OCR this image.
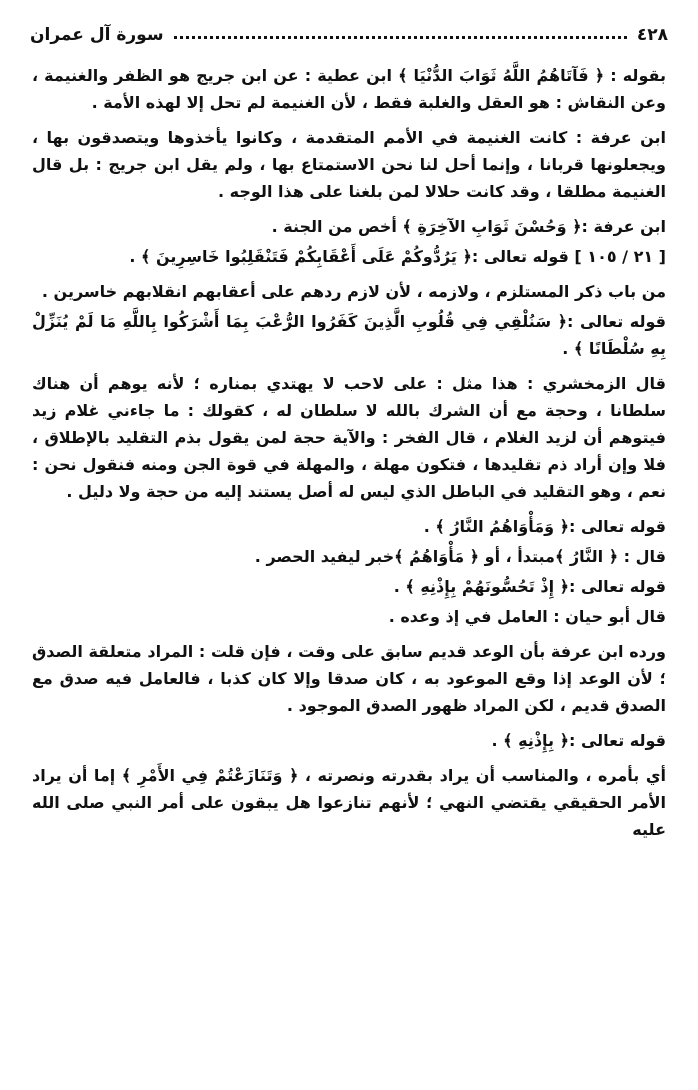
٤٢٨
سورة آل عمران

بقوله : ﴿ فَآتَاهُمُ اللَّهُ ثَوَابَ الدُّنْيَا ﴾ ابن عطية : عن ابن جريج هو الظفر والغنيمة ، وعن النقاش : هو العقل والغلبة فقط ، لأن الغنيمة لم تحل إلا لهذه الأمة .

ابن عرفة : كانت الغنيمة في الأمم المتقدمة ، وكانوا يأخذوها ويتصدقون بها ، ويجعلونها قربانا ، وإنما أحل لنا نحن الاستمتاع بها ، ولم يقل ابن جريج : بل قال الغنيمة مطلقا ، وقد كانت حلالا لمن بلغنا على هذا الوجه .

ابن عرفة :﴿ وَحُسْنَ ثَوَابِ الآخِرَةِ ﴾ أخص من الجنة .

[ ٢١ / ١٠٥ ] قوله تعالى :﴿ يَرُدُّوكُمْ عَلَى أَعْقَابِكُمْ فَتَنْقَلِبُوا خَاسِرِينَ ﴾ .

من باب ذكر المستلزم ، ولازمه ، لأن لازم ردهم على أعقابهم انقلابهم خاسرين .

قوله تعالى :﴿ سَنُلْقِي فِي قُلُوبِ الَّذِينَ كَفَرُوا الرُّعْبَ بِمَا أَشْرَكُوا بِاللَّهِ مَا لَمْ يُنَزِّلْ بِهِ سُلْطَانًا ﴾ .

قال الزمخشري : هذا مثل : على لاحب لا يهتدي بمناره ؛ لأنه يوهم أن هناك سلطانا ، وحجة مع أن الشرك بالله لا سلطان له ، كقولك : ما جاءني غلام زيد فيتوهم أن لزيد الغلام ، قال الفخر : والآية حجة لمن يقول بذم التقليد بالإطلاق ، فلا وإن أراد ذم تقليدها ، فتكون مهلة ، والمهلة في قوة الجن ومنه فنقول نحن : نعم ، وهو التقليد في الباطل الذي ليس له أصل يستند إليه من حجة ولا دليل .

قوله تعالى :﴿ وَمَأْوَاهُمُ النَّارُ ﴾ .

قال : ﴿ النَّارُ ﴾مبتدأ ، أو ﴿ مَأْوَاهُمُ ﴾خبر ليفيد الحصر .

قوله تعالى :﴿ إِذْ تَحُسُّونَهُمْ بِإِذْنِهِ ﴾ .

قال أبو حيان : العامل في إذ وعده .

ورده ابن عرفة بأن الوعد قديم سابق على وقت ، فإن قلت : المراد متعلقة الصدق ؛ لأن الوعد إذا وقع الموعود به ، كان صدقا وإلا كان كذبا ، فالعامل فيه صدق مع الصدق قديم ، لكن المراد ظهور الصدق الموجود .

قوله تعالى :﴿ بِإِذْنِهِ ﴾ .

أي بأمره ، والمناسب أن يراد بقدرته ونصرته ، ﴿ وَتَنَازَعْتُمْ فِي الأَمْرِ ﴾ إما أن يراد الأمر الحقيقي يقتضي النهي ؛ لأنهم تنازعوا هل يبقون على أمر النبي صلى الله عليه
